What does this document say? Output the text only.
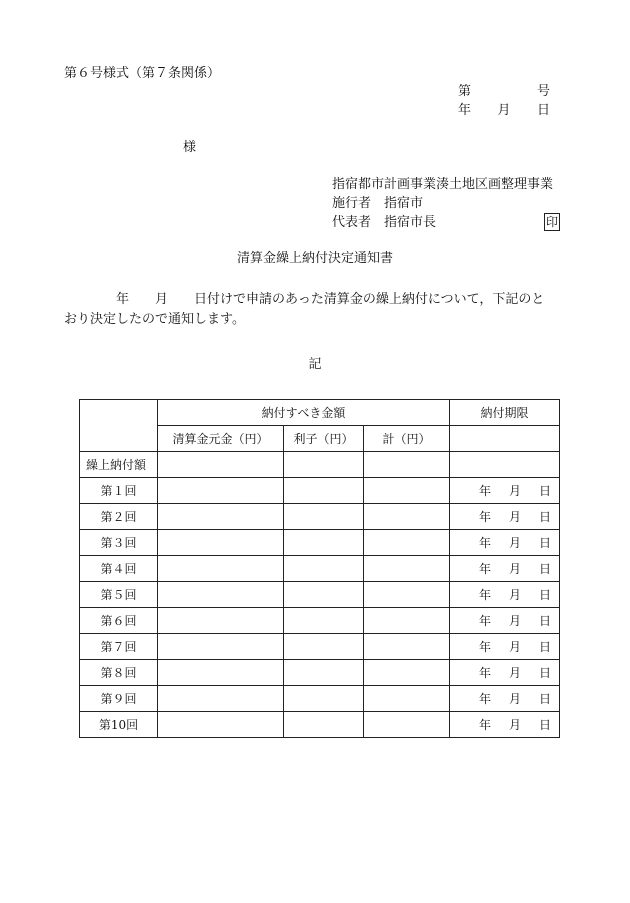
第６号様式（第７条関係）
第	号
年 月 日
様
指宿都市計画事業湊土地区画整理事業
施行者　指宿市
代表者　指宿市長	印
清算金繰上納付決定通知書
年 月 日付けで申請のあった清算金の繰上納付について，下記のと
おり決定したので通知します。
記
	納付すべき金額			納付期限
	清算金元金（円）	利子（円）	計（円）	
繰上納付額				
第１回				年 月 日
第２回				年 月 日
第３回				年 月 日
第４回				年 月 日
第５回				年 月 日
第６回				年 月 日
第７回				年 月 日
第８回				年 月 日
第９回				年 月 日
第10回				年 月 日
